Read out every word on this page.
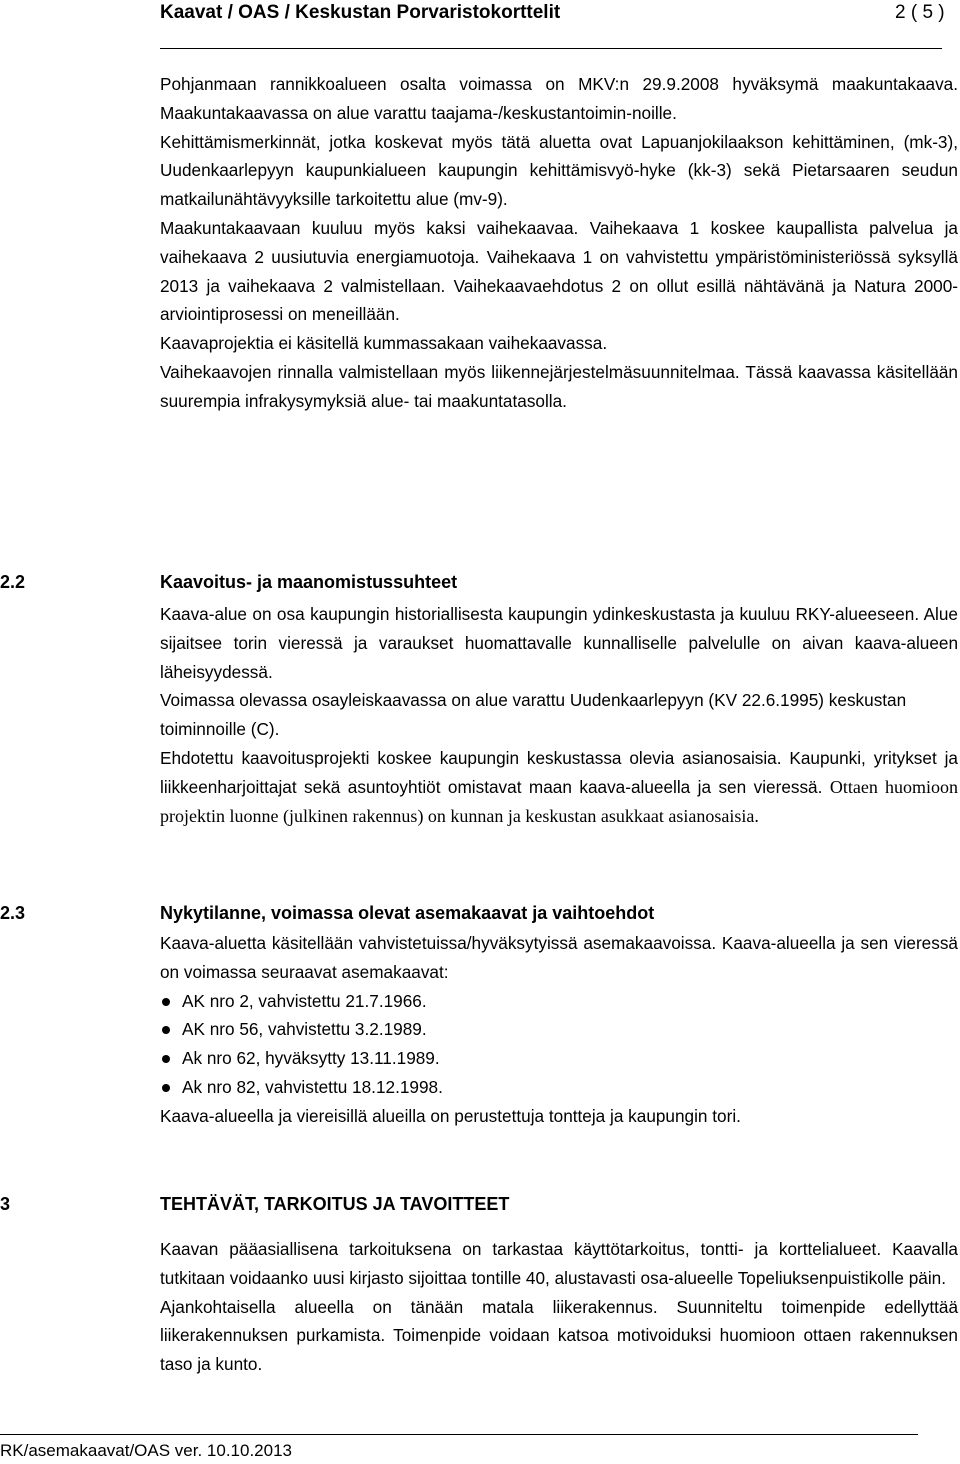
Kaavat / OAS / Keskustan Porvaristokorttelit	2 ( 5 )

Pohjanmaan rannikkoalueen osalta voimassa on MKV:n 29.9.2008 hyväksymä maakuntakaava. Maakuntakaavassa on alue varattu taajama-/keskustantoimin-noille.

Kehittämismerkinnät, jotka koskevat myös tätä aluetta ovat Lapuanjokilaakson kehittäminen, (mk-3), Uudenkaarlepyyn kaupunkialueen kaupungin kehittämisvyö-hyke (kk-3) sekä Pietarsaaren seudun matkailunähtävyyksille tarkoitettu alue (mv-9).

Maakuntakaavaan kuuluu myös kaksi vaihekaavaa. Vaihekaava 1 koskee kaupallista palvelua ja vaihekaava 2 uusiutuvia energiamuotoja. Vaihekaava 1 on vahvistettu ympäristöministeriössä syksyllä 2013 ja vaihekaava 2 valmistellaan. Vaihekaavaehdotus 2 on ollut esillä nähtävänä ja Natura 2000-arviointiprosessi on meneillään.

Kaavaprojektia ei käsitellä kummassakaan vaihekaavassa.

Vaihekaavojen rinnalla valmistellaan myös liikennejärjestelmäsuunnitelmaa. Tässä kaavassa käsitellään suurempia infrakysymyksiä alue- tai maakuntatasolla.

2.2	Kaavoitus- ja maanomistussuhteet

Kaava-alue on osa kaupungin historiallisesta kaupungin ydinkeskustasta ja kuuluu RKY-alueeseen. Alue sijaitsee torin vieressä ja varaukset huomattavalle kunnalliselle palvelulle on aivan kaava-alueen läheisyydessä.

Voimassa olevassa osayleiskaavassa on alue varattu Uudenkaarlepyyn (KV 22.6.1995) keskustan toiminnoille (C).

Ehdotettu kaavoitusprojekti koskee kaupungin keskustassa olevia asianosaisia. Kaupunki, yritykset ja liikkeenharjoittajat sekä asuntoyhtiöt omistavat maan kaava-alueella ja sen vieressä. Ottaen huomioon projektin luonne (julkinen rakennus) on kunnan ja keskustan asukkaat asianosaisia.

2.3	Nykytilanne, voimassa olevat asemakaavat ja vaihtoehdot

Kaava-aluetta käsitellään vahvistetuissa/hyväksytyissä asemakaavoissa. Kaava-alueella ja sen vieressä on voimassa seuraavat asemakaavat:

AK nro 2, vahvistettu 21.7.1966.
AK nro 56, vahvistettu 3.2.1989.
Ak nro 62, hyväksytty 13.11.1989.
Ak nro 82, vahvistettu 18.12.1998.

Kaava-alueella ja viereisillä alueilla on perustettuja tontteja ja kaupungin tori.

3	TEHTÄVÄT, TARKOITUS JA TAVOITTEET

Kaavan pääasiallisena tarkoituksena on tarkastaa käyttötarkoitus, tontti- ja korttelialueet. Kaavalla tutkitaan voidaanko uusi kirjasto sijoittaa tontille 40, alustavasti osa-alueelle Topeliuksenpuistikolle päin.

Ajankohtaisella alueella on tänään matala liikerakennus. Suunniteltu toimenpide edellyttää liikerakennuksen purkamista. Toimenpide voidaan katsoa motivoiduksi huomioon ottaen rakennuksen taso ja kunto.

RK/asemakaavat/OAS ver. 10.10.2013
